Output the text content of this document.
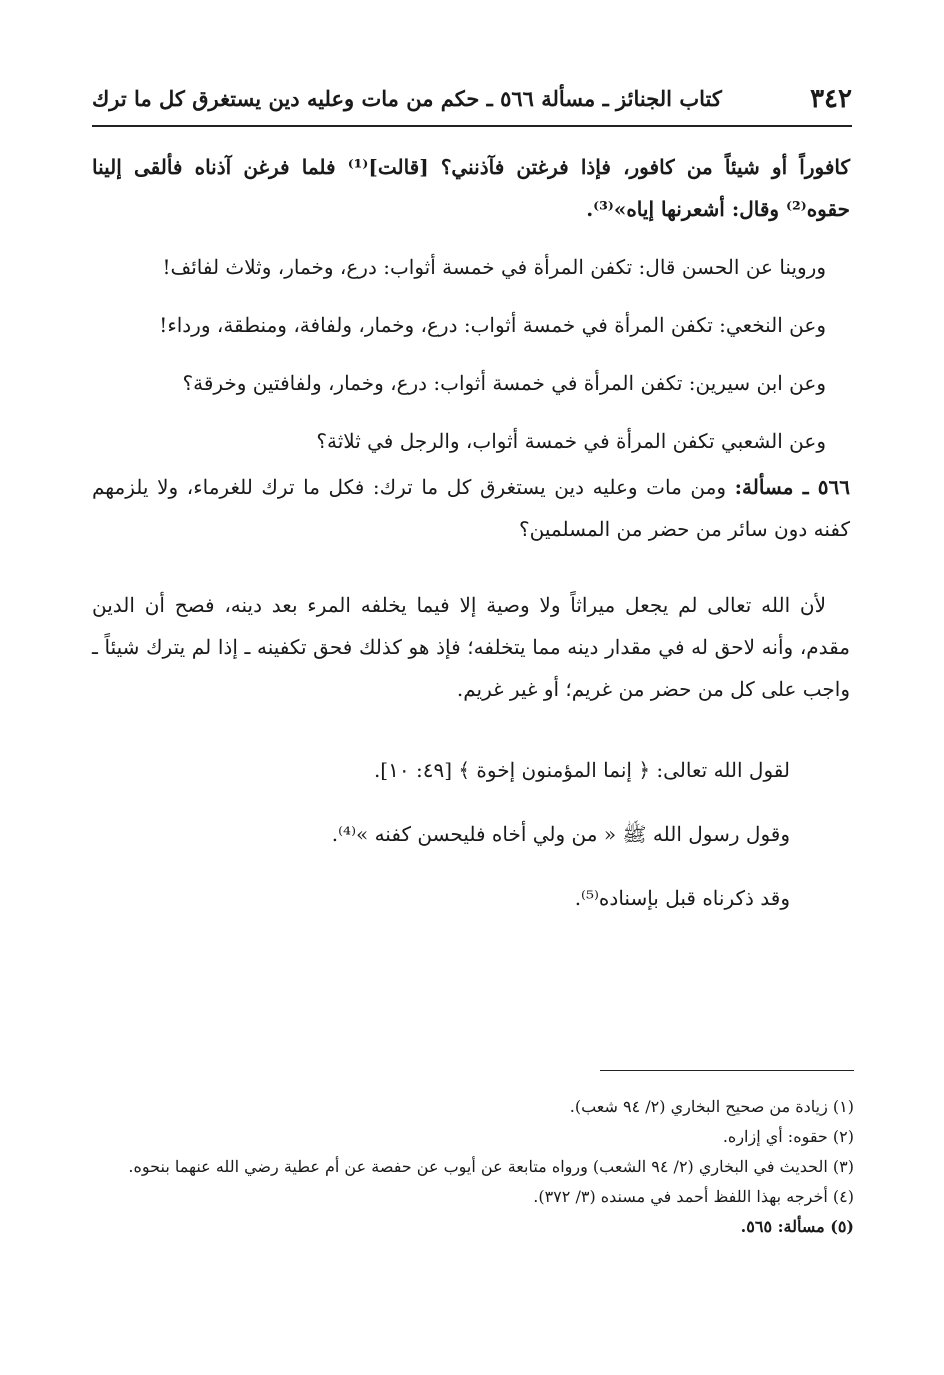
٣٤٢
كتاب الجنائز ـ مسألة ٥٦٦ ـ حكم من مات وعليه دين يستغرق كل ما ترك

كافوراً أو شيئاً من كافور، فإذا فرغتن فآذنني؟ [قالت]⁽¹⁾ فلما فرغن آذناه فألقى إلينا حقوه⁽²⁾ وقال: أشعرنها إياه»⁽³⁾.

وروينا عن الحسن قال: تكفن المرأة في خمسة أثواب: درع، وخمار، وثلاث لفائف!

وعن النخعي: تكفن المرأة في خمسة أثواب: درع، وخمار، ولفافة، ومنطقة، ورداء!

وعن ابن سيرين: تكفن المرأة في خمسة أثواب: درع، وخمار، ولفافتين وخرقة؟

وعن الشعبي تكفن المرأة في خمسة أثواب، والرجل في ثلاثة؟

٥٦٦ ـ مسألة: ومن مات وعليه دين يستغرق كل ما ترك: فكل ما ترك للغرماء، ولا يلزمهم كفنه دون سائر من حضر من المسلمين؟

لأن الله تعالى لم يجعل ميراثاً ولا وصية إلا فيما يخلفه المرء بعد دينه، فصح أن الدين مقدم، وأنه لاحق له في مقدار دينه مما يتخلفه؛ فإذ هو كذلك فحق تكفينه ـ إذا لم يترك شيئاً ـ واجب على كل من حضر من غريم؛ أو غير غريم.

لقول الله تعالى: ﴿ إنما المؤمنون إخوة ﴾ [٤٩: ١٠].

وقول رسول الله ﷺ « من ولي أخاه فليحسن كفنه »⁽⁴⁾.

وقد ذكرناه قبل بإسناده⁽⁵⁾.

(١) زيادة من صحيح البخاري (٢/ ٩٤ شعب).

(٢) حقوه: أي إزاره.

(٣) الحديث في البخاري (٢/ ٩٤ الشعب) ورواه متابعة عن أيوب عن حفصة عن أم عطية رضي الله عنهما بنحوه.

(٤) أخرجه بهذا اللفظ أحمد في مسنده (٣/ ٣٧٢).

(٥) مسألة: ٥٦٥.
